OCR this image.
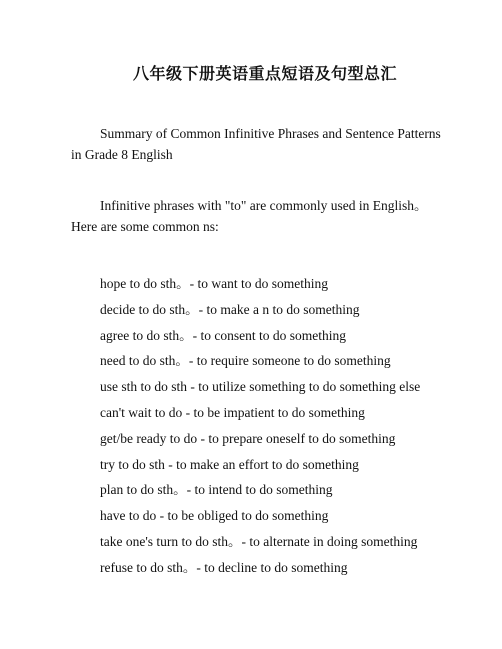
八年级下册英语重点短语及句型总汇

Summary of Common Infinitive Phrases and Sentence Patterns in Grade 8 English

Infinitive phrases with "to" are commonly used in English。Here are some common ns:

hope to do sth。- to want to do something
decide to do sth。- to make a n to do something
agree to do sth。- to consent to do something
need to do sth。- to require someone to do something
use sth to do sth - to utilize something to do something else
can't wait to do - to be impatient to do something
get/be ready to do - to prepare oneself to do something
try to do sth - to make an effort to do something
plan to do sth。- to intend to do something
have to do - to be obliged to do something
take one's turn to do sth。- to alternate in doing something
refuse to do sth。- to decline to do something
